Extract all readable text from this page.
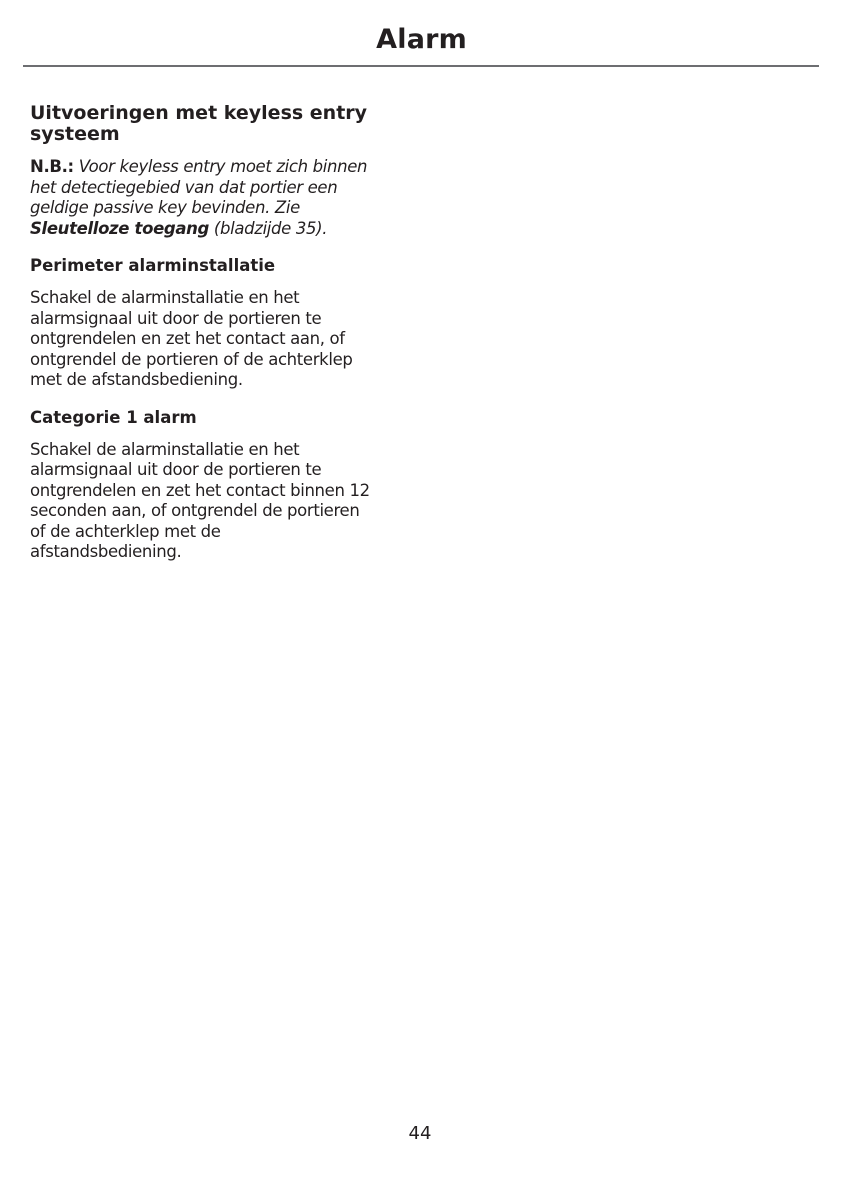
Alarm
Uitvoeringen met keyless entry
systeem

N.B.: Voor keyless entry moet zich binnen
het detectiegebied van dat portier een
geldige passive key bevinden. Zie
Sleutelloze toegang (bladzijde 35).

Perimeter alarminstallatie

Schakel de alarminstallatie en het
alarmsignaal uit door de portieren te
ontgrendelen en zet het contact aan, of
ontgrendel de portieren of de achterklep
met de afstandsbediening.

Categorie 1 alarm

Schakel de alarminstallatie en het
alarmsignaal uit door de portieren te
ontgrendelen en zet het contact binnen 12
seconden aan, of ontgrendel de portieren
of de achterklep met de
afstandsbediening.

44
